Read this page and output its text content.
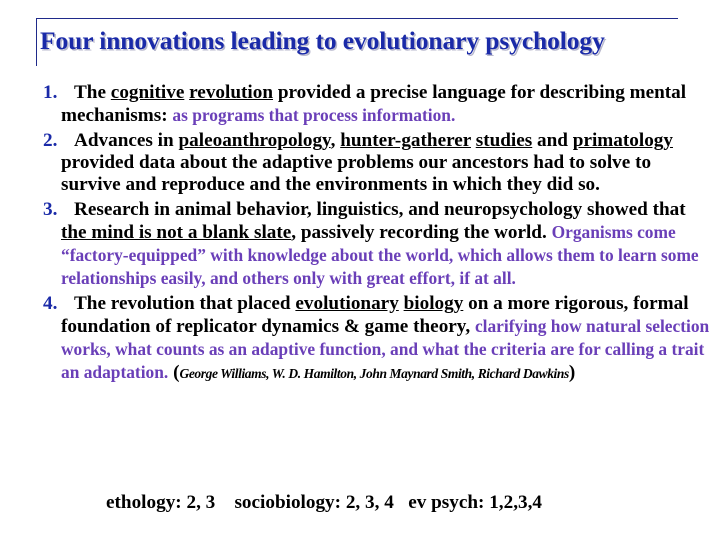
Four innovations leading to evolutionary psychology
1. The cognitive revolution provided a precise language for describing mental mechanisms: as programs that process information.
2. Advances in paleoanthropology, hunter-gatherer studies and primatology provided data about the adaptive problems our ancestors had to solve to survive and reproduce and the environments in which they did so.
3. Research in animal behavior, linguistics, and neuropsychology showed that the mind is not a blank slate, passively recording the world. Organisms come “factory-equipped” with knowledge about the world, which allows them to learn some relationships easily, and others only with great effort, if at all.
4. The revolution that placed evolutionary biology on a more rigorous, formal foundation of replicator dynamics & game theory, clarifying how natural selection works, what counts as an adaptive function, and what the criteria are for calling a trait an adaptation. (George Williams, W. D. Hamilton, John Maynard Smith, Richard Dawkins)
ethology: 2, 3    sociobiology: 2, 3, 4   ev psych: 1,2,3,4
